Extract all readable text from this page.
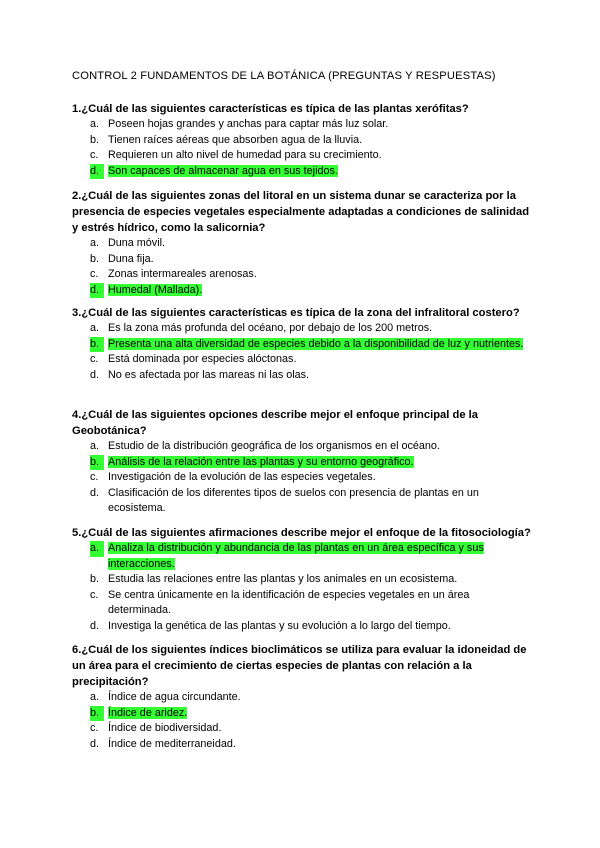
CONTROL 2 FUNDAMENTOS DE LA BOTÁNICA (PREGUNTAS Y RESPUESTAS)
1.¿Cuál de las siguientes características es típica de las plantas xerófitas?
a. Poseen hojas grandes y anchas para captar más luz solar.
b. Tienen raíces aéreas que absorben agua de la lluvia.
c. Requieren un alto nivel de humedad para su crecimiento.
d. Son capaces de almacenar agua en sus tejidos.
2.¿Cuál de las siguientes zonas del litoral en un sistema dunar se caracteriza por la presencia de especies vegetales especialmente adaptadas a condiciones de salinidad y estrés hídrico, como la salicornia?
a. Duna móvil.
b. Duna fija.
c. Zonas intermareales arenosas.
d. Humedal (Mallada).
3.¿Cuál de las siguientes características es típica de la zona del infralitoral costero?
a. Es la zona más profunda del océano, por debajo de los 200 metros.
b. Presenta una alta diversidad de especies debido a la disponibilidad de luz y nutrientes.
c. Está dominada por especies alóctonas.
d. No es afectada por las mareas ni las olas.
4.¿Cuál de las siguientes opciones describe mejor el enfoque principal de la Geobotánica?
a. Estudio de la distribución geográfica de los organismos en el océano.
b. Análisis de la relación entre las plantas y su entorno geográfico.
c. Investigación de la evolución de las especies vegetales.
d. Clasificación de los diferentes tipos de suelos con presencia de plantas en un ecosistema.
5.¿Cuál de las siguientes afirmaciones describe mejor el enfoque de la fitosociología?
a. Analiza la distribución y abundancia de las plantas en un área específica y sus interacciones.
b. Estudia las relaciones entre las plantas y los animales en un ecosistema.
c. Se centra únicamente en la identificación de especies vegetales en un área determinada.
d. Investiga la genética de las plantas y su evolución a lo largo del tiempo.
6.¿Cuál de los siguientes índices bioclimáticos se utiliza para evaluar la idoneidad de un área para el crecimiento de ciertas especies de plantas con relación a la precipitación?
a. Índice de agua circundante.
b. Índice de aridez.
c. Índice de biodiversidad.
d. Índice de mediterraneidad.
